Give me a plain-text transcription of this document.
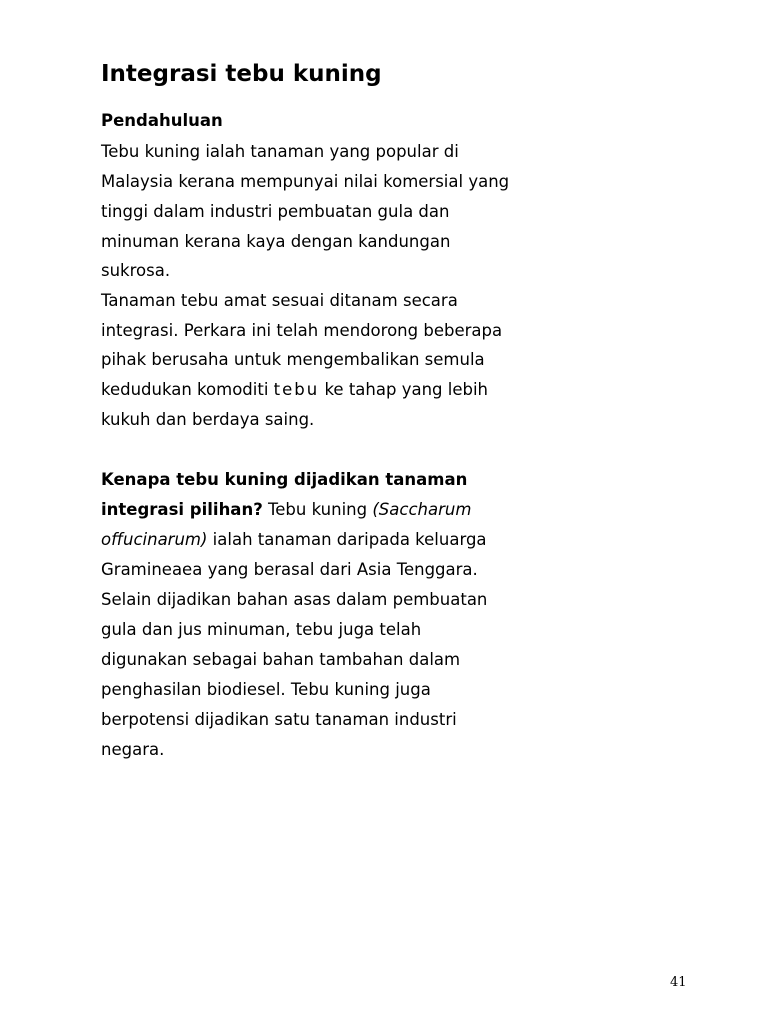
Integrasi tebu kuning
Pendahuluan

Tebu kuning ialah tanaman yang popular di

Malaysia kerana mempunyai nilai komersial yang

tinggi dalam industri pembuatan gula dan

minuman kerana kaya dengan kandungan

sukrosa.

Tanaman tebu amat sesuai ditanam secara

integrasi. Perkara ini telah mendorong beberapa

pihak berusaha untuk mengembalikan semula

kedudukan komoditi tebu ke tahap yang lebih

kukuh dan berdaya saing.

Kenapa tebu kuning dijadikan tanaman

integrasi pilihan? Tebu kuning (Saccharum

offucinarum) ialah tanaman daripada keluarga

Gramineaea yang berasal dari Asia Tenggara.

Selain dijadikan bahan asas dalam pembuatan

gula dan jus minuman, tebu juga telah

digunakan sebagai bahan tambahan dalam

penghasilan biodiesel. Tebu kuning juga

berpotensi dijadikan satu tanaman industri

negara.

41
